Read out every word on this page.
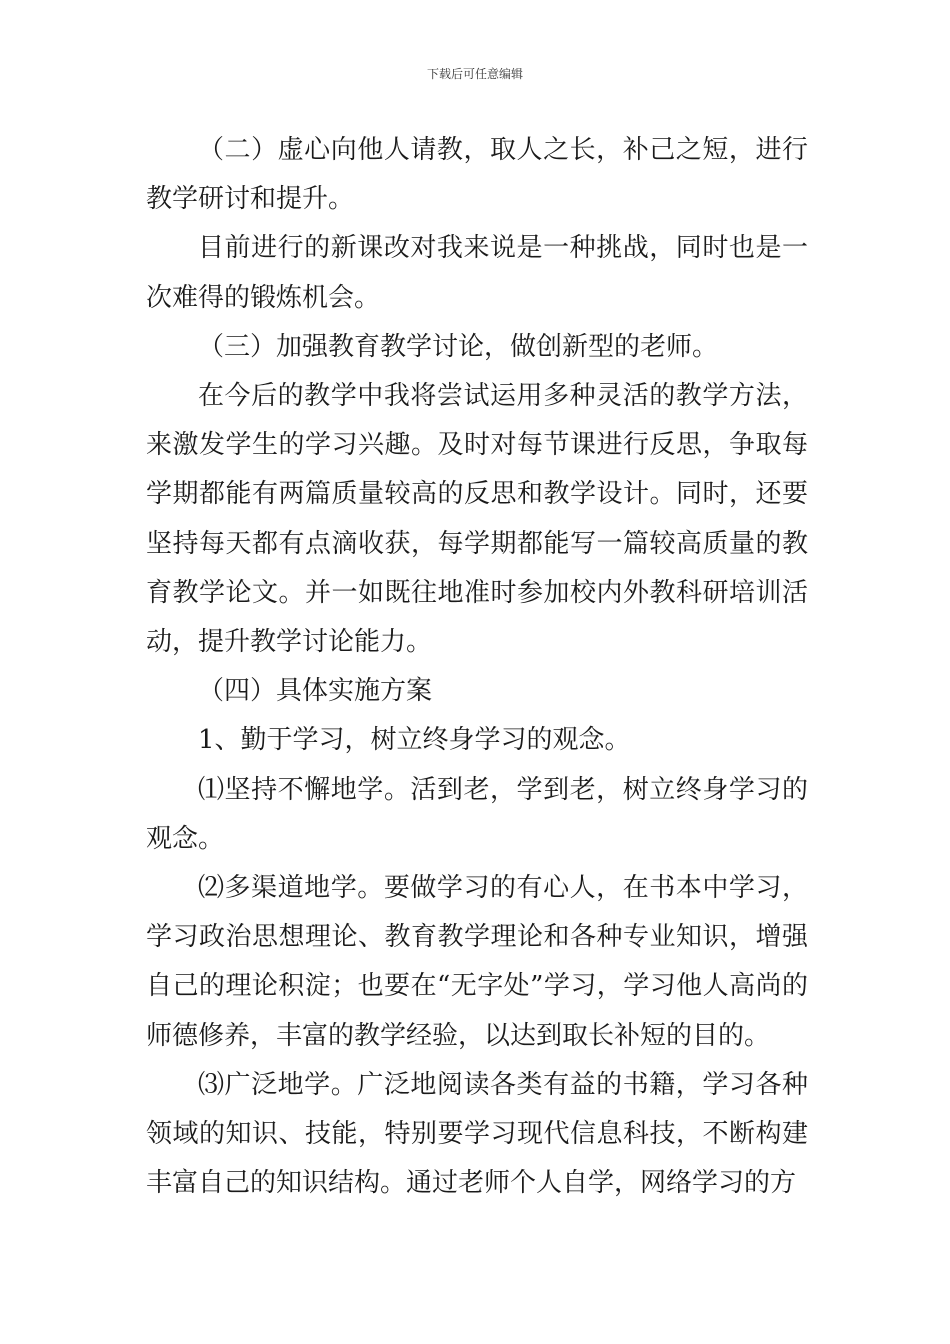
下载后可任意编辑

（二）虚心向他人请教，取人之长，补己之短，进行教学研讨和提升。

目前进行的新课改对我来说是一种挑战，同时也是一次难得的锻炼机会。

（三）加强教育教学讨论，做创新型的老师。

在今后的教学中我将尝试运用多种灵活的教学方法，来激发学生的学习兴趣。及时对每节课进行反思，争取每学期都能有两篇质量较高的反思和教学设计。同时，还要坚持每天都有点滴收获，每学期都能写一篇较高质量的教育教学论文。并一如既往地准时参加校内外教科研培训活动，提升教学讨论能力。

（四）具体实施方案

1、勤于学习，树立终身学习的观念。

⑴坚持不懈地学。活到老，学到老，树立终身学习的观念。

⑵多渠道地学。要做学习的有心人，在书本中学习，学习政治思想理论、教育教学理论和各种专业知识，增强自己的理论积淀；也要在“无字处”学习，学习他人高尚的师德修养，丰富的教学经验，以达到取长补短的目的。

⑶广泛地学。广泛地阅读各类有益的书籍，学习各种领域的知识、技能，特别要学习现代信息科技，不断构建丰富自己的知识结构。通过老师个人自学，网络学习的方
